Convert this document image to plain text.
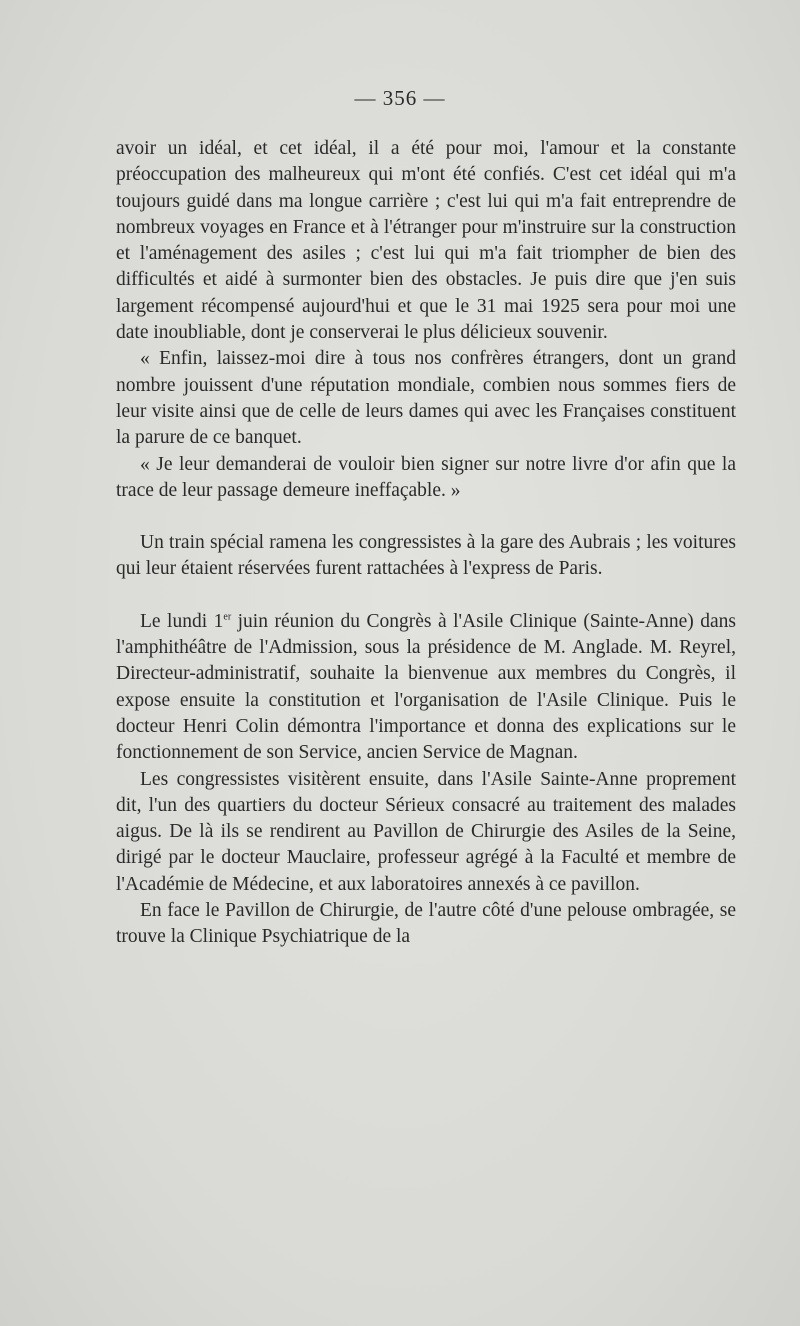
— 356 —

avoir un idéal, et cet idéal, il a été pour moi, l'amour et la constante préoccupation des malheureux qui m'ont été confiés. C'est cet idéal qui m'a toujours guidé dans ma longue carrière ; c'est lui qui m'a fait entreprendre de nombreux voyages en France et à l'étranger pour m'instruire sur la construction et l'aménagement des asiles ; c'est lui qui m'a fait triompher de bien des difficultés et aidé à surmonter bien des obstacles. Je puis dire que j'en suis largement récompensé aujourd'hui et que le 31 mai 1925 sera pour moi une date inoubliable, dont je conserverai le plus délicieux souvenir.

« Enfin, laissez-moi dire à tous nos confrères étrangers, dont un grand nombre jouissent d'une réputation mondiale, combien nous sommes fiers de leur visite ainsi que de celle de leurs dames qui avec les Françaises constituent la parure de ce banquet.

« Je leur demanderai de vouloir bien signer sur notre livre d'or afin que la trace de leur passage demeure ineffaçable. »

Un train spécial ramena les congressistes à la gare des Aubrais ; les voitures qui leur étaient réservées furent rattachées à l'express de Paris.

Le lundi 1er juin réunion du Congrès à l'Asile Clinique (Sainte-Anne) dans l'amphithéâtre de l'Admission, sous la présidence de M. Anglade. M. Reyrel, Directeur-administratif, souhaite la bienvenue aux membres du Congrès, il expose ensuite la constitution et l'organisation de l'Asile Clinique. Puis le docteur Henri Colin démontra l'importance et donna des explications sur le fonctionnement de son Service, ancien Service de Magnan.

Les congressistes visitèrent ensuite, dans l'Asile Sainte-Anne proprement dit, l'un des quartiers du docteur Sérieux consacré au traitement des malades aigus. De là ils se rendirent au Pavillon de Chirurgie des Asiles de la Seine, dirigé par le docteur Mauclaire, professeur agrégé à la Faculté et membre de l'Académie de Médecine, et aux laboratoires annexés à ce pavillon.

En face le Pavillon de Chirurgie, de l'autre côté d'une pelouse ombragée, se trouve la Clinique Psychiatrique de la
